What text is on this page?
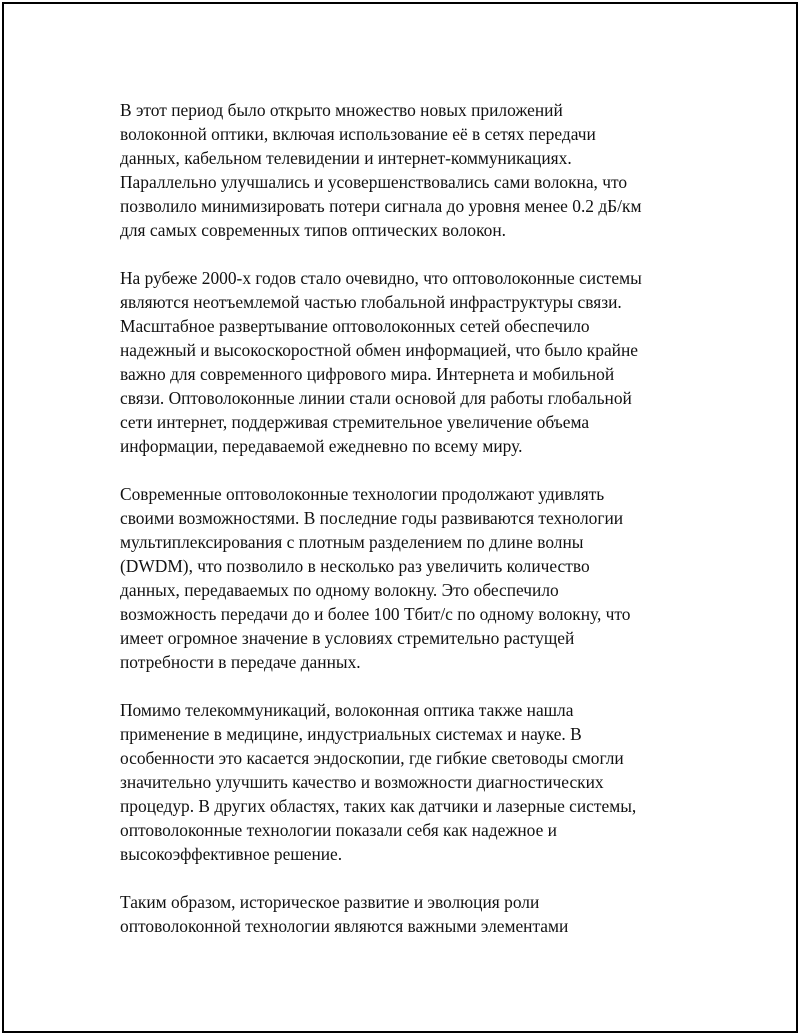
В этот период было открыто множество новых приложений
волоконной оптики, включая использование её в сетях передачи
данных, кабельном телевидении и интернет-коммуникациях.
Параллельно улучшались и усовершенствовались сами волокна, что
позволило минимизировать потери сигнала до уровня менее 0.2 дБ/км
для самых современных типов оптических волокон.

На рубеже 2000-х годов стало очевидно, что оптоволоконные системы
являются неотъемлемой частью глобальной инфраструктуры связи.
Масштабное развертывание оптоволоконных сетей обеспечило
надежный и высокоскоростной обмен информацией, что было крайне
важно для современного цифрового мира. Интернета и мобильной
связи. Оптоволоконные линии стали основой для работы глобальной
сети интернет, поддерживая стремительное увеличение объема
информации, передаваемой ежедневно по всему миру.

Современные оптоволоконные технологии продолжают удивлять
своими возможностями. В последние годы развиваются технологии
мультиплексирования с плотным разделением по длине волны
(DWDM), что позволило в несколько раз увеличить количество
данных, передаваемых по одному волокну. Это обеспечило
возможность передачи до и более 100 Тбит/с по одному волокну, что
имеет огромное значение в условиях стремительно растущей
потребности в передаче данных.

Помимо телекоммуникаций, волоконная оптика также нашла
применение в медицине, индустриальных системах и науке. В
особенности это касается эндоскопии, где гибкие световоды смогли
значительно улучшить качество и возможности диагностических
процедур. В других областях, таких как датчики и лазерные системы,
оптоволоконные технологии показали себя как надежное и
высокоэффективное решение.

Таким образом, историческое развитие и эволюция роли
оптоволоконной технологии являются важными элементами
